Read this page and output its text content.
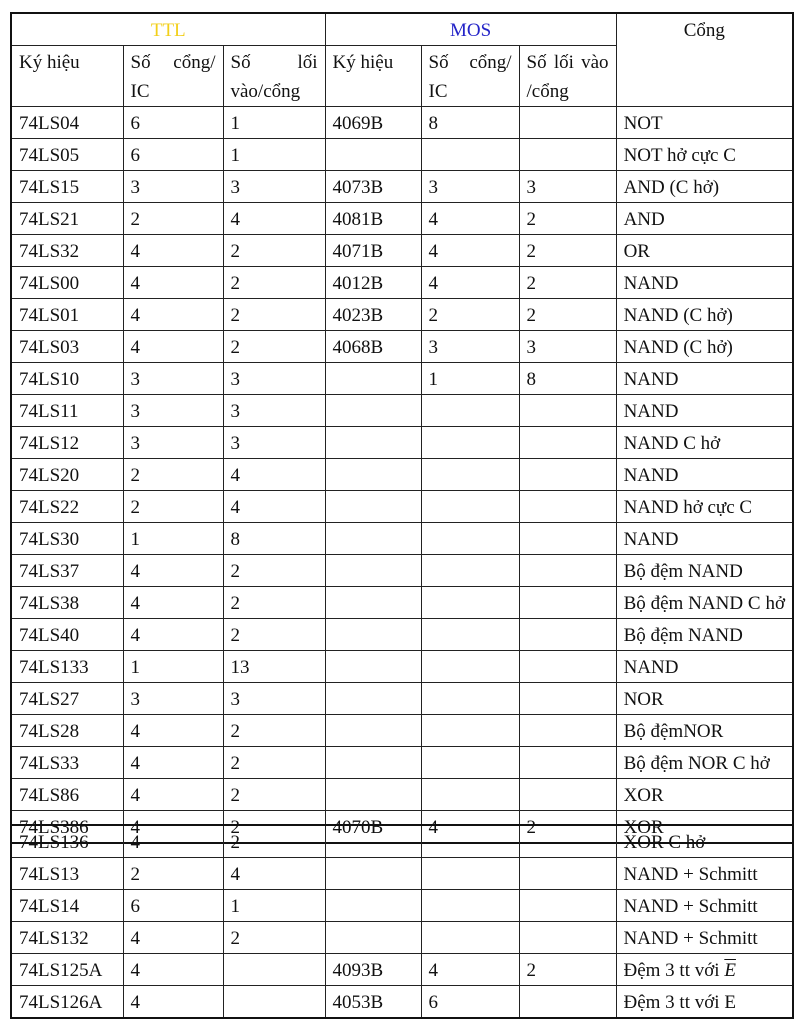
TTL			MOS			Cổng
Ký hiệu	Số cổng/ IC	Số lối vào/cổng	Ký hiệu	Số cổng/ IC	Số lối vào /cổng	
74LS04	6	1	4069B	8		NOT
74LS05	6	1				NOT hở cực C
74LS15	3	3	4073B	3	3	AND (C hở)
74LS21	2	4	4081B	4	2	AND
74LS32	4	2	4071B	4	2	OR
74LS00	4	2	4012B	4	2	NAND
74LS01	4	2	4023B	2	2	NAND (C hở)
74LS03	4	2	4068B	3	3	NAND (C hở)
74LS10	3	3		1	8	NAND
74LS11	3	3				NAND
74LS12	3	3				NAND C hở
74LS20	2	4				NAND
74LS22	2	4				NAND hở cực C
74LS30	1	8				NAND
74LS37	4	2				Bộ đệm NAND
74LS38	4	2				Bộ đệm NAND C hở
74LS40	4	2				Bộ đệm NAND
74LS133	1	13				NAND
74LS27	3	3				NOR
74LS28	4	2				Bộ đệmNOR
74LS33	4	2				Bộ đệm NOR C hở
74LS86	4	2				XOR
74LS386	4	2	4070B	4	2	XOR
74LS136	4	2				XOR C hở
74LS13	2	4				NAND + Schmitt
74LS14	6	1				NAND + Schmitt
74LS132	4	2				NAND + Schmitt
74LS125A	4		4093B	4	2	Đệm 3 tt với $\overline{E}$
74LS126A	4		4053B	6		Đệm 3 tt với E
